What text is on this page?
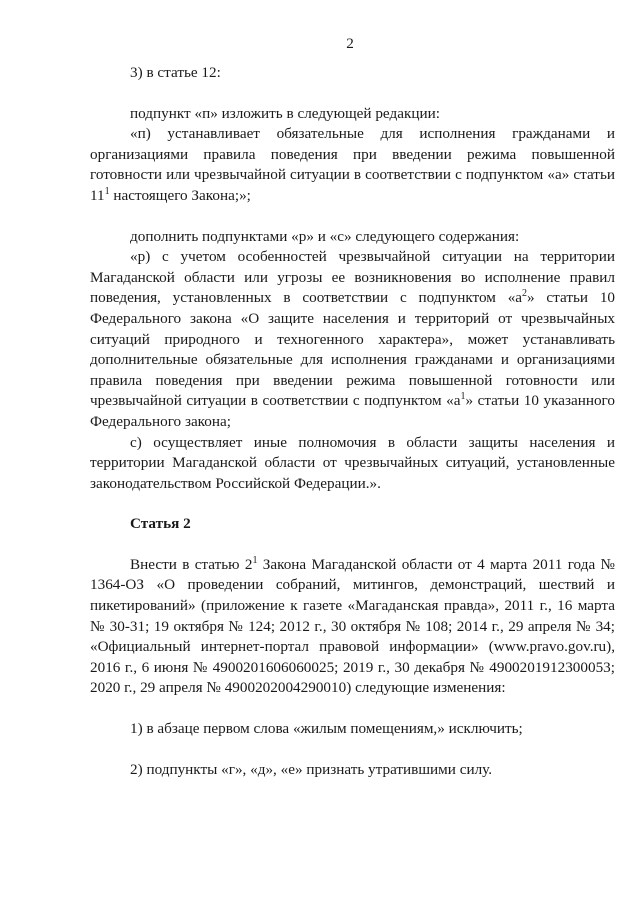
2

3) в статье 12:

подпункт «п» изложить в следующей редакции:

«п) устанавливает обязательные для исполнения гражданами и организациями правила поведения при введении режима повышенной готовности или чрезвычайной ситуации в соответствии с подпунктом «а» статьи $11^1$ настоящего Закона;»;

дополнить подпунктами «р» и «с» следующего содержания:

«р) с учетом особенностей чрезвычайной ситуации на территории Магаданской области или угрозы ее возникновения во исполнение правил поведения, установленных в соответствии с подпунктом «$а^2$» статьи 10 Федерального закона «О защите населения и территорий от чрезвычайных ситуаций природного и техногенного характера», может устанавливать дополнительные обязательные для исполнения гражданами и организациями правила поведения при введении режима повышенной готовности или чрезвычайной ситуации в соответствии с подпунктом «$а^1$» статьи 10 указанного Федерального закона;

с) осуществляет иные полномочия в области защиты населения и территории Магаданской области от чрезвычайных ситуаций, установленные законодательством Российской Федерации.».

Статья 2

Внести в статью $2^1$ Закона Магаданской области от 4 марта 2011 года № 1364-ОЗ «О проведении собраний, митингов, демонстраций, шествий и пикетирований» (приложение к газете «Магаданская правда», 2011 г., 16 марта № 30-31; 19 октября № 124; 2012 г., 30 октября № 108; 2014 г., 29 апреля № 34; «Официальный интернет-портал правовой информации» (www.pravo.gov.ru), 2016 г., 6 июня № 4900201606060025; 2019 г., 30 декабря № 4900201912300053; 2020 г., 29 апреля № 4900202004290010) следующие изменения:

1) в абзаце первом слова «жилым помещениям,» исключить;

2) подпункты «г», «д», «е» признать утратившими силу.
